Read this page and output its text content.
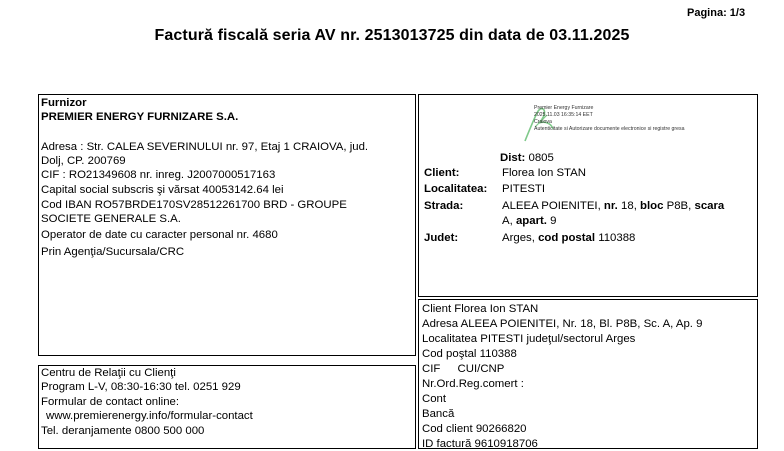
Pagina: 1/3
Factură fiscală seria AV nr. 2513013725 din data de 03.11.2025
Furnizor
PREMIER ENERGY FURNIZARE S.A.
Adresa : Str. CALEA SEVERINULUI nr. 97, Etaj 1 CRAIOVA, jud.
Dolj, CP. 200769
CIF : RO21349608 nr. inreg. J2007000517163
Capital social subscris şi vărsat 40053142.64 lei
Cod IBAN RO57BRDE170SV28512261700 BRD - GROUPE
SOCIETE GENERALE S.A.
Operator de date cu caracter personal nr. 4680
Prin Agenţia/Sucursala/CRC
Premier Energy Furnizare
2025.11.03 16:35:14 EET
Craiova
Autenticitate si Autorizare documente electronice si registre gresa
Dist: 0805
Client:	Florea Ion STAN
Localitatea: PITESTI
Strada:	ALEEA POIENITEI, nr. 18, bloc P8B, scara
A, apart. 9
Judet:	Arges, cod postal 110388
Client Florea Ion STAN
Adresa ALEEA POIENITEI, Nr. 18, Bl. P8B, Sc. A, Ap. 9
Localitatea PITESTI judeţul/sectorul Arges
Cod poştal 110388
CIF CUI/CNP
Nr.Ord.Reg.comert :
Cont
Bancă
Cod client 90266820
ID factură 9610918706
Centru de Relaţii cu Clienţi
Program L-V, 08:30-16:30 tel. 0251 929
Formular de contact online:
www.premierenergy.info/formular-contact
Tel. deranjamente 0800 500 000
